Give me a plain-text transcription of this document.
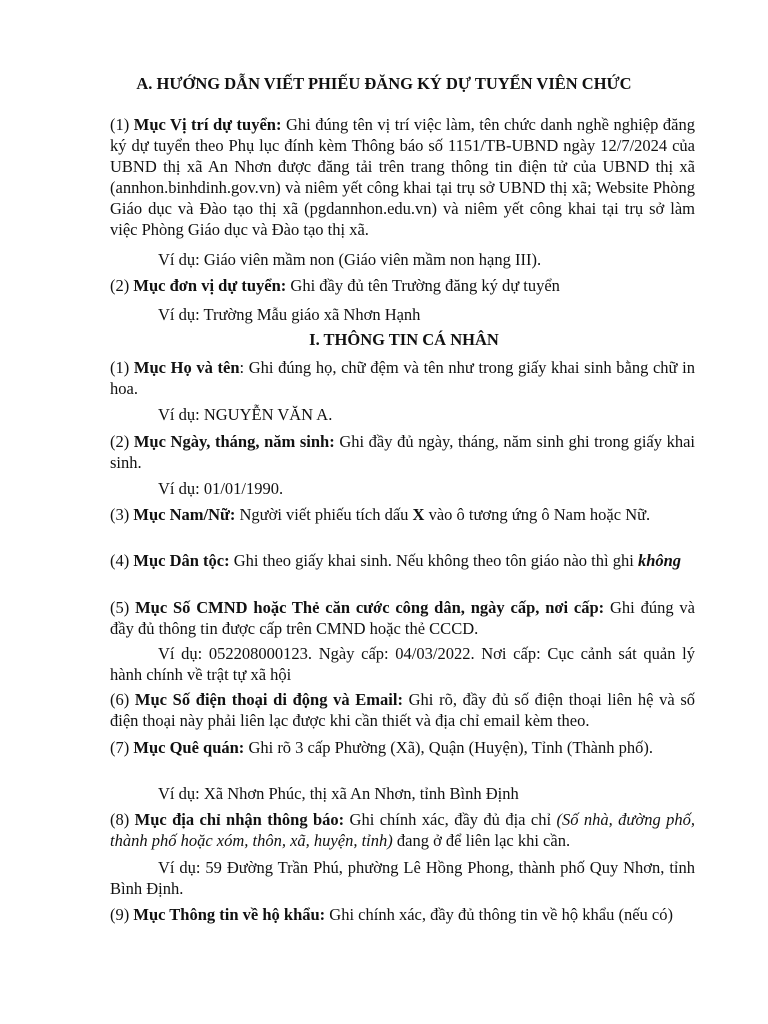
A. HƯỚNG DẪN VIẾT PHIẾU ĐĂNG KÝ DỰ TUYỂN VIÊN CHỨC

(1) Mục Vị trí dự tuyển: Ghi đúng tên vị trí việc làm, tên chức danh nghề nghiệp đăng ký dự tuyển theo Phụ lục đính kèm Thông báo số 1151/TB-UBND ngày 12/7/2024 của UBND thị xã An Nhơn được đăng tải trên trang thông tin điện tử của UBND thị xã (annhon.binhdinh.gov.vn) và niêm yết công khai tại trụ sở UBND thị xã; Website Phòng Giáo dục và Đào tạo thị xã (pgdannhon.edu.vn) và niêm yết công khai tại trụ sở làm việc Phòng Giáo dục và Đào tạo thị xã.

Ví dụ: Giáo viên mầm non (Giáo viên mầm non hạng III).

(2) Mục đơn vị dự tuyển: Ghi đầy đủ tên Trường đăng ký dự tuyển

Ví dụ: Trường Mẫu giáo xã Nhơn Hạnh

I. THÔNG TIN CÁ NHÂN

(1) Mục Họ và tên: Ghi đúng họ, chữ đệm và tên như trong giấy khai sinh bằng chữ in hoa.

Ví dụ: NGUYỄN VĂN A.

(2) Mục Ngày, tháng, năm sinh: Ghi đầy đủ ngày, tháng, năm sinh ghi trong giấy khai sinh.

Ví dụ: 01/01/1990.

(3) Mục Nam/Nữ: Người viết phiếu tích dấu X vào ô tương ứng ô Nam hoặc Nữ.

(4) Mục Dân tộc: Ghi theo giấy khai sinh. Nếu không theo tôn giáo nào thì ghi không

(5) Mục Số CMND hoặc Thẻ căn cước công dân, ngày cấp, nơi cấp: Ghi đúng và đầy đủ thông tin được cấp trên CMND hoặc thẻ CCCD.

Ví dụ: 052208000123. Ngày cấp: 04/03/2022. Nơi cấp: Cục cảnh sát quản lý hành chính về trật tự xã hội

(6) Mục Số điện thoại di động và Email: Ghi rõ, đầy đủ số điện thoại liên hệ và số điện thoại này phải liên lạc được khi cần thiết và địa chỉ email kèm theo.

(7) Mục Quê quán: Ghi rõ 3 cấp Phường (Xã), Quận (Huyện), Tỉnh (Thành phố).

Ví dụ: Xã Nhơn Phúc, thị xã An Nhơn, tỉnh Bình Định

(8) Mục địa chỉ nhận thông báo: Ghi chính xác, đầy đủ địa chỉ (Số nhà, đường phố, thành phố hoặc xóm, thôn, xã, huyện, tỉnh) đang ở để liên lạc khi cần.

Ví dụ: 59 Đường Trần Phú, phường Lê Hồng Phong, thành phố Quy Nhơn, tỉnh Bình Định.

(9) Mục Thông tin về hộ khẩu: Ghi chính xác, đầy đủ thông tin về hộ khẩu (nếu có)
